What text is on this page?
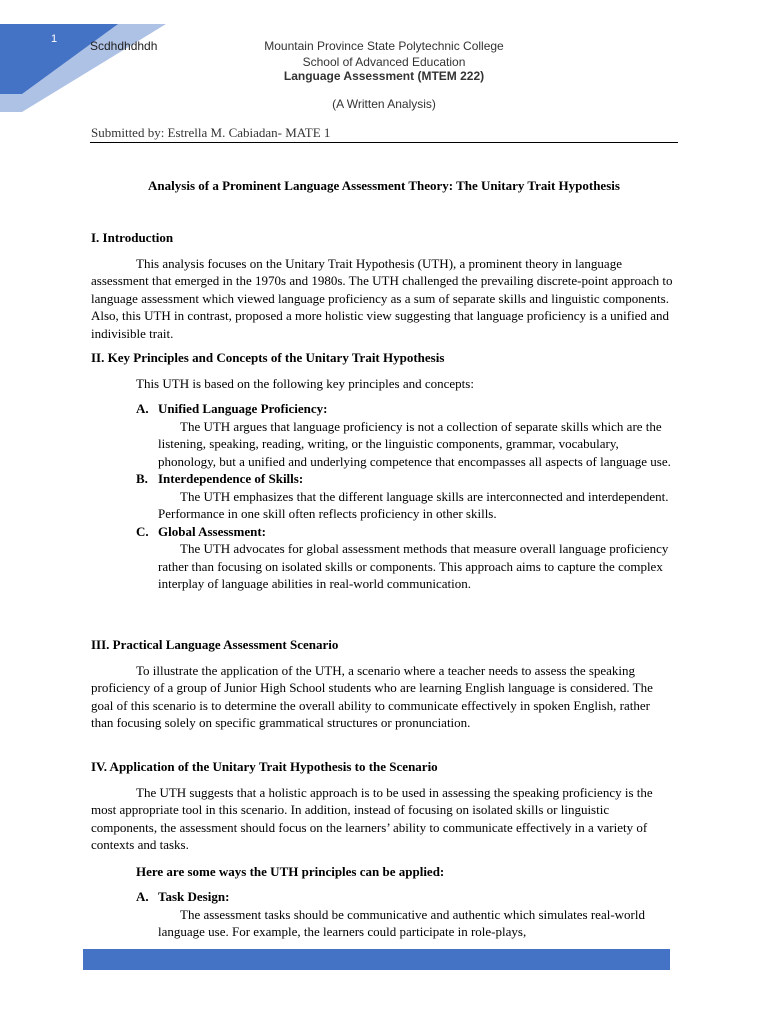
1	Scdhdhdhdh	Mountain Province State Polytechnic College
School of Advanced Education
Language Assessment (MTEM 222)
(A Written Analysis)
Submitted by: Estrella M. Cabiadan- MATE 1
Analysis of a Prominent Language Assessment Theory: The Unitary Trait Hypothesis

I. Introduction

This analysis focuses on the Unitary Trait Hypothesis (UTH), a prominent theory in language assessment that emerged in the 1970s and 1980s. The UTH challenged the prevailing discrete-point approach to language assessment which viewed language proficiency as a sum of separate skills and linguistic components. Also, this UTH in contrast, proposed a more holistic view suggesting that language proficiency is a unified and indivisible trait.

II. Key Principles and Concepts of the Unitary Trait Hypothesis

This UTH is based on the following key principles and concepts:

A. Unified Language Proficiency:

The UTH argues that language proficiency is not a collection of separate skills which are the listening, speaking, reading, writing, or the linguistic components, grammar, vocabulary, phonology, but a unified and underlying competence that encompasses all aspects of language use.

B. Interdependence of Skills:

The UTH emphasizes that the different language skills are interconnected and interdependent. Performance in one skill often reflects proficiency in other skills.

C. Global Assessment:

The UTH advocates for global assessment methods that measure overall language proficiency rather than focusing on isolated skills or components. This approach aims to capture the complex interplay of language abilities in real-world communication.

III. Practical Language Assessment Scenario

To illustrate the application of the UTH, a scenario where a teacher needs to assess the speaking proficiency of a group of Junior High School students who are learning English language is considered. The goal of this scenario is to determine the overall ability to communicate effectively in spoken English, rather than focusing solely on specific grammatical structures or pronunciation.

IV. Application of the Unitary Trait Hypothesis to the Scenario

The UTH suggests that a holistic approach is to be used in assessing the speaking proficiency is the most appropriate tool in this scenario. In addition, instead of focusing on isolated skills or linguistic components, the assessment should focus on the learners’ ability to communicate effectively in a variety of contexts and tasks.

Here are some ways the UTH principles can be applied:

A. Task Design:

The assessment tasks should be communicative and authentic which simulates real-world language use. For example, the learners could participate in role-plays,
